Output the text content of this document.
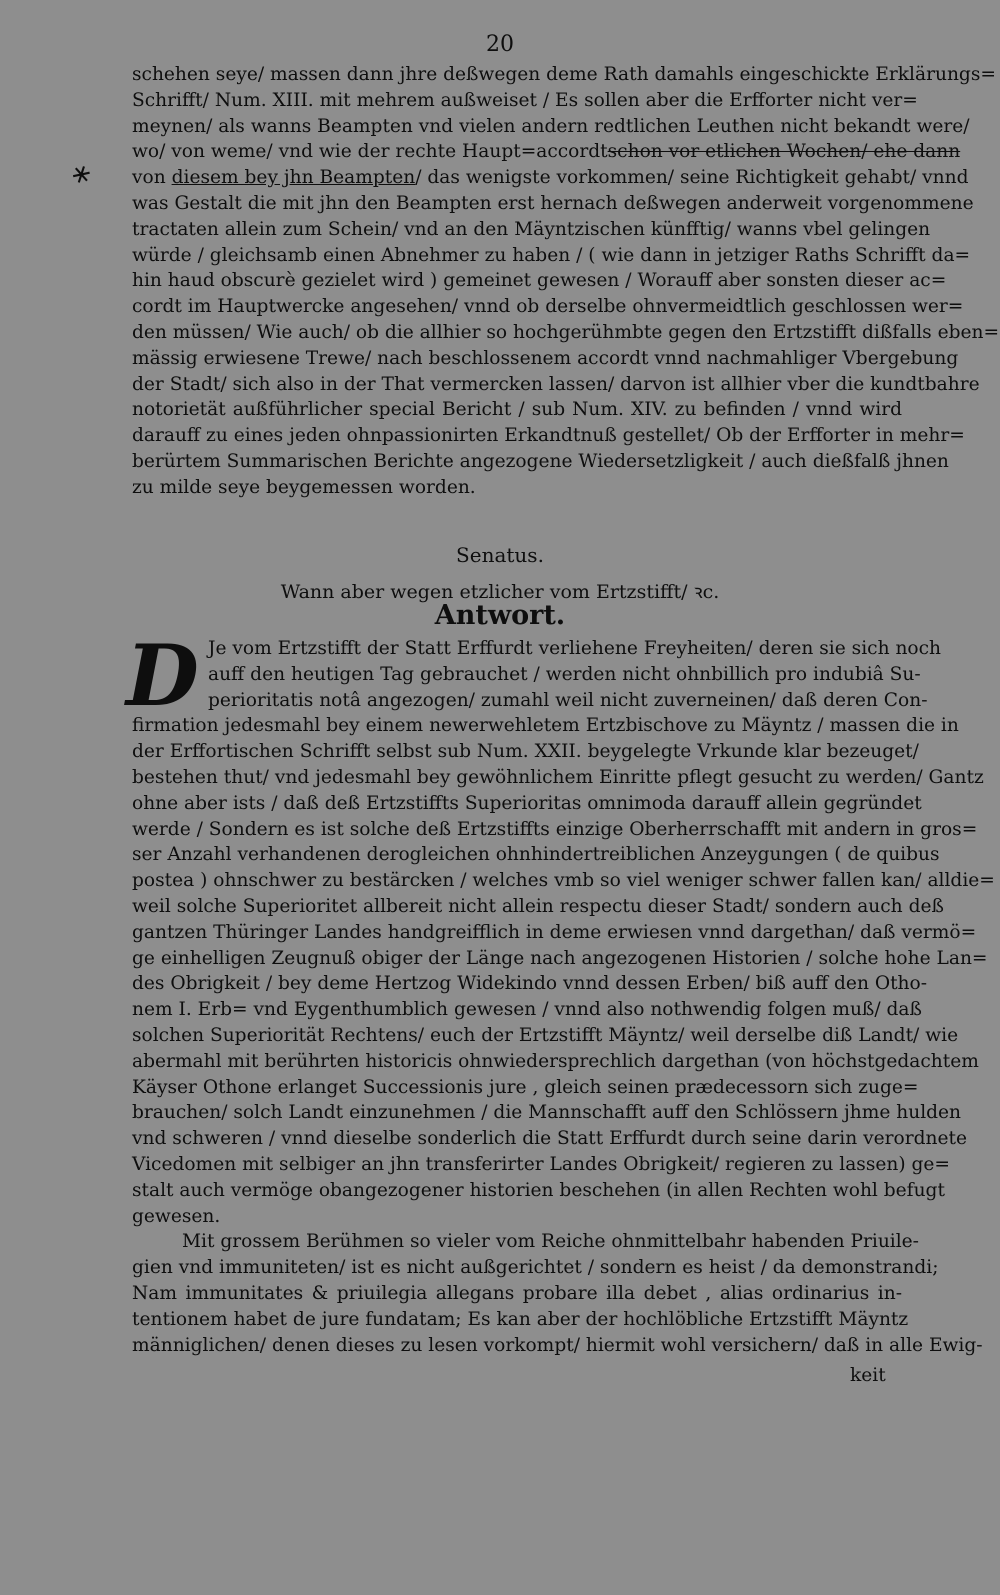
20
⚹
schehen seye/ massen dann jhre deßwegen deme Rath damahls eingeschickte Erklärungs=
Schrifft/ Num. XIII. mit mehrem außweiset / Es sollen aber die Erfforter nicht ver=
meynen/ als wanns Beampten vnd vielen andern redtlichen Leuthen nicht bekandt were/
wo/ von weme/ vnd wie der rechte Haupt=accordtschon vor etlichen Wochen/ ehe dann
von diesem bey jhn Beampten/ das wenigste vorkommen/ seine Richtigkeit gehabt/ vnnd
was Gestalt die mit jhn den Beampten erst hernach deßwegen anderweit vorgenommene
tractaten allein zum Schein/ vnd an den Mäyntzischen künfftig/ wanns vbel gelingen
würde / gleichsamb einen Abnehmer zu haben / ( wie dann in jetziger Raths Schrifft da=
hin haud obscurè gezielet wird ) gemeinet gewesen / Worauff aber sonsten dieser ac=
cordt im Hauptwercke angesehen/ vnnd ob derselbe ohnvermeidtlich geschlossen wer=
den müssen/ Wie auch/ ob die allhier so hochgerühmbte gegen den Ertzstifft dißfalls eben=
mässig erwiesene Trewe/ nach beschlossenem accordt vnnd nachmahliger Vbergebung
der Stadt/ sich also in der That vermercken lassen/ darvon ist allhier vber die kundtbahre
notorietät außführlicher special Bericht / sub Num. XIV. zu befinden / vnnd wird
darauff zu eines jeden ohnpassionirten Erkandtnuß gestellet/ Ob der Erfforter in mehr=
berürtem Summarischen Berichte angezogene Wiedersetzligkeit / auch dießfalß jhnen
zu milde seye beygemessen worden.
Senatus.
Wann aber wegen etzlicher vom Ertzstifft/ ꝛc.
Antwort.
D Je vom Ertzstifft der Statt Erffurdt verliehene Freyheiten/ deren sie sich noch
auff den heutigen Tag gebrauchet / werden nicht ohnbillich pro indubiâ Su-
perioritatis notâ angezogen/ zumahl weil nicht zuverneinen/ daß deren Con-
firmation jedesmahl bey einem newerwehletem Ertzbischove zu Mäyntz / massen die in
der Erffortischen Schrifft selbst sub Num. XXII. beygelegte Vrkunde klar bezeuget/
bestehen thut/ vnd jedesmahl bey gewöhnlichem Einritte pflegt gesucht zu werden/ Gantz
ohne aber ists / daß deß Ertzstiffts Superioritas omnimoda darauff allein gegründet
werde / Sondern es ist solche deß Ertzstiffts einzige Oberherrschafft mit andern in gros=
ser Anzahl verhandenen derogleichen ohnhindertreiblichen Anzeygungen ( de quibus
postea ) ohnschwer zu bestärcken / welches vmb so viel weniger schwer fallen kan/ alldie=
weil solche Superioritet allbereit nicht allein respectu dieser Stadt/ sondern auch deß
gantzen Thüringer Landes handgreifflich in deme erwiesen vnnd dargethan/ daß vermö=
ge einhelligen Zeugnuß obiger der Länge nach angezogenen Historien / solche hohe Lan=
des Obrigkeit / bey deme Hertzog Widekindo vnnd dessen Erben/ biß auff den Otho-
nem I. Erb= vnd Eygenthumblich gewesen / vnnd also nothwendig folgen muß/ daß
solchen Superiorität Rechtens/ euch der Ertzstifft Mäyntz/ weil derselbe diß Landt/ wie
abermahl mit berührten historicis ohnwiedersprechlich dargethan (von höchstgedachtem
Käyser Othone erlanget Successionis jure , gleich seinen prædecessorn sich zuge=
brauchen/ solch Landt einzunehmen / die Mannschafft auff den Schlössern jhme hulden
vnd schweren / vnnd dieselbe sonderlich die Statt Erffurdt durch seine darin verordnete
Vicedomen mit selbiger an jhn transferirter Landes Obrigkeit/ regieren zu lassen) ge=
stalt auch vermöge obangezogener historien beschehen (in allen Rechten wohl befugt
gewesen.
Mit grossem Berühmen so vieler vom Reiche ohnmittelbahr habenden Priuile-
gien vnd immuniteten/ ist es nicht außgerichtet / sondern es heist / da demonstrandi;
Nam immunitates & priuilegia allegans probare illa debet , alias ordinarius in-
tentionem habet de jure fundatam; Es kan aber der hochlöbliche Ertzstifft Mäyntz
männiglichen/ denen dieses zu lesen vorkompt/ hiermit wohl versichern/ daß in alle Ewig-
keit
